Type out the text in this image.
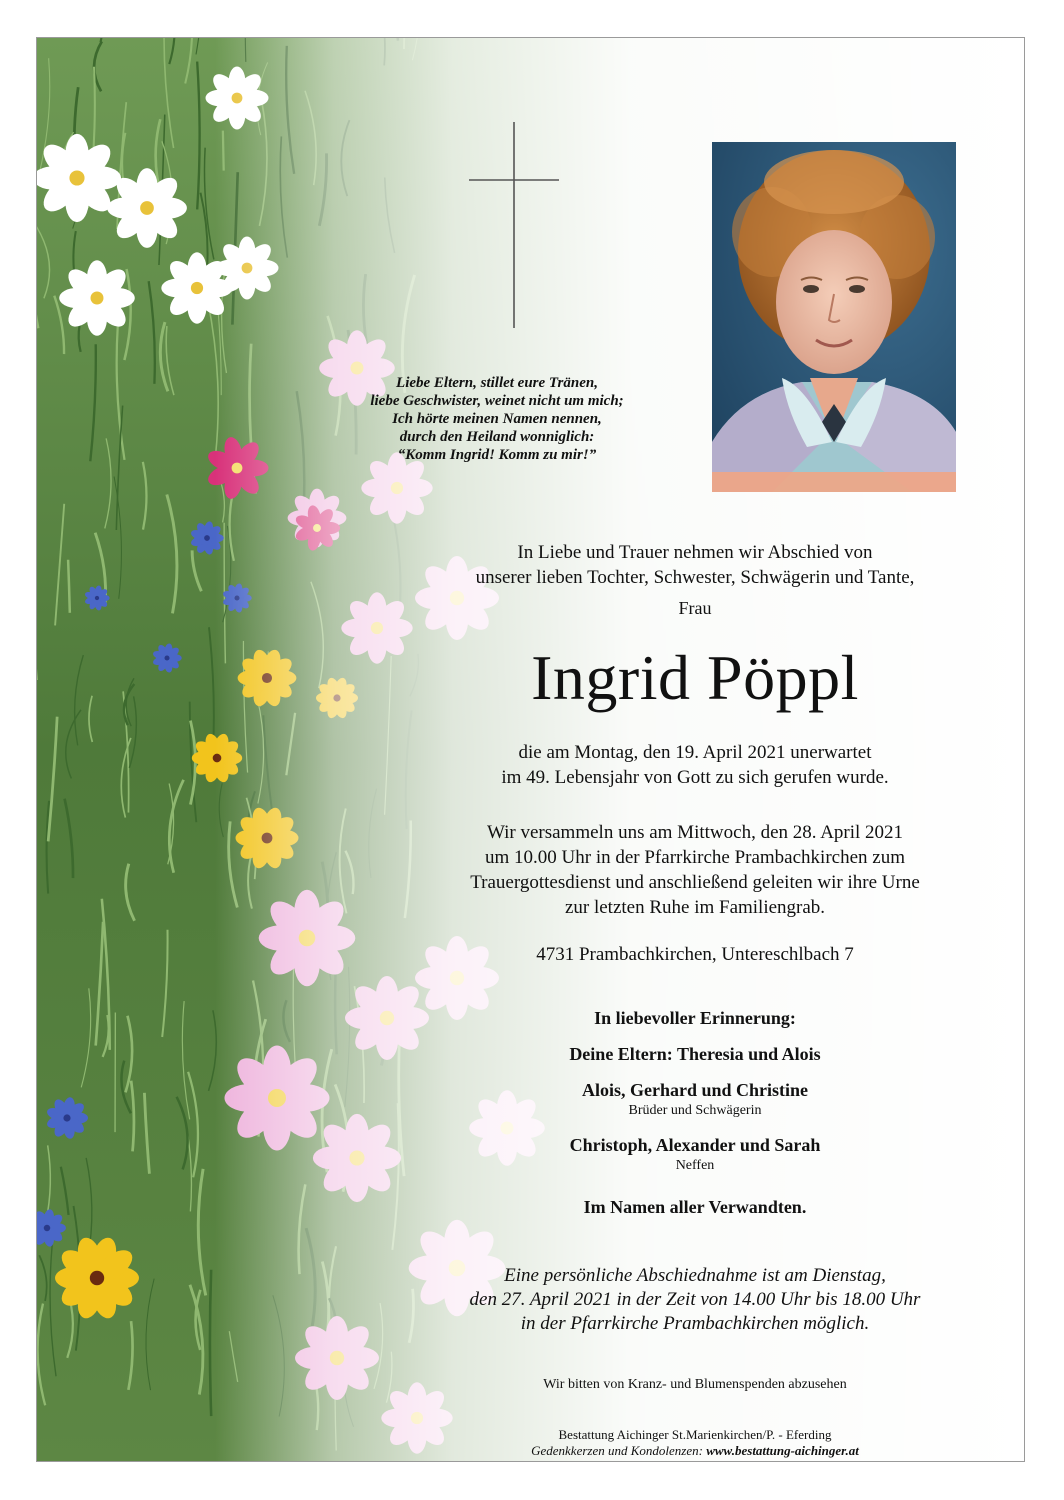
Liebe Eltern, stillet eure Tränen,
liebe Geschwister, weinet nicht um mich;
Ich hörte meinen Namen nennen,
durch den Heiland wonniglich:
“Komm Ingrid! Komm zu mir!”
In Liebe und Trauer nehmen wir Abschied von
unserer lieben Tochter, Schwester, Schwägerin und Tante,
Frau
Ingrid Pöppl
die am Montag, den 19. April 2021 unerwartet
im 49. Lebensjahr von Gott zu sich gerufen wurde.
Wir versammeln uns am Mittwoch, den 28. April 2021
um 10.00 Uhr in der Pfarrkirche Prambachkirchen zum
Trauergottesdienst und anschließend geleiten wir ihre Urne
zur letzten Ruhe im Familiengrab.
4731 Prambachkirchen, Untereschlbach 7
In liebevoller Erinnerung:
Deine Eltern: Theresia und Alois
Alois, Gerhard und Christine
Brüder und Schwägerin
Christoph, Alexander und Sarah
Neffen
Im Namen aller Verwandten.
Eine persönliche Abschiednahme ist am Dienstag,
den 27. April 2021 in der Zeit von 14.00 Uhr bis 18.00 Uhr
in der Pfarrkirche Prambachkirchen möglich.
Wir bitten von Kranz- und Blumenspenden abzusehen
Bestattung Aichinger St.Marienkirchen/P. - Eferding
Gedenkkerzen und Kondolenzen: www.bestattung-aichinger.at
